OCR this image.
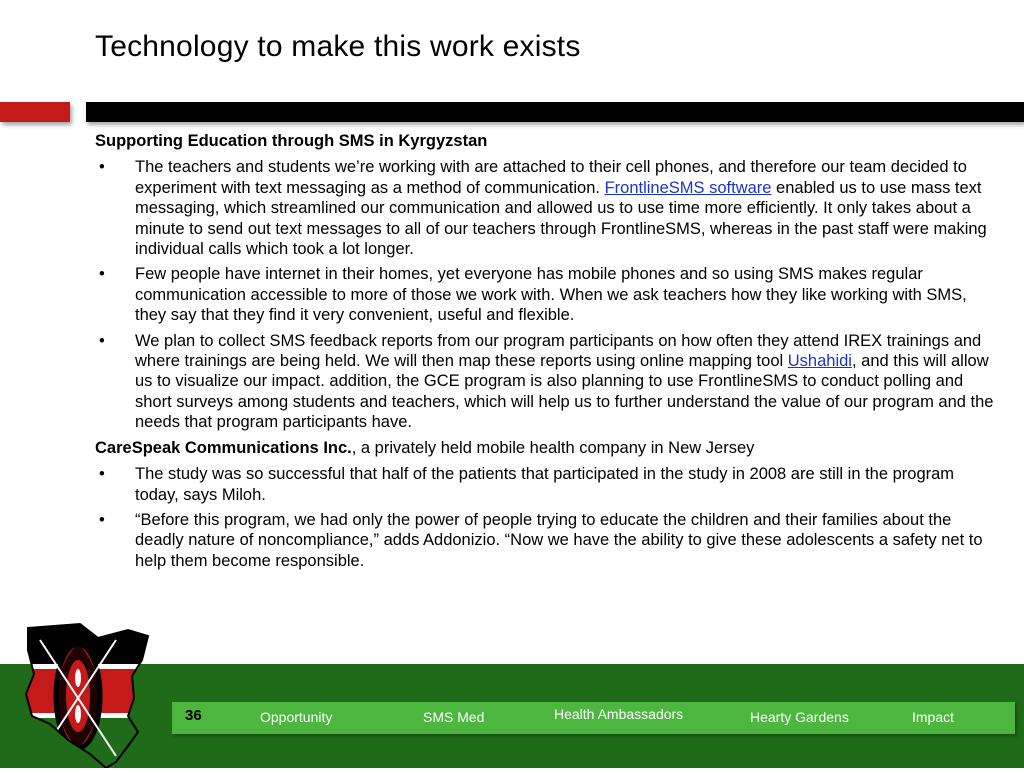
Technology to make this work exists
Supporting Education through SMS in Kyrgyzstan
• The teachers and students we’re working with are attached to their cell phones, and therefore our team decided to experiment with text messaging as a method of communication. FrontlineSMS software enabled us to use mass text messaging, which streamlined our communication and allowed us to use time more efficiently. It only takes about a minute to send out text messages to all of our teachers through FrontlineSMS, whereas in the past staff were making individual calls which took a lot longer.
• Few people have internet in their homes, yet everyone has mobile phones and so using SMS makes regular communication accessible to more of those we work with. When we ask teachers how they like working with SMS, they say that they find it very convenient, useful and flexible.
• We plan to collect SMS feedback reports from our program participants on how often they attend IREX trainings and where trainings are being held. We will then map these reports using online mapping tool Ushahidi, and this will allow us to visualize our impact. addition, the GCE program is also planning to use FrontlineSMS to conduct polling and short surveys among students and teachers, which will help us to further understand the value of our program and the needs that program participants have.
CareSpeak Communications Inc., a privately held mobile health company in New Jersey
• The study was so successful that half of the patients that participated in the study in 2008 are still in the program today, says Miloh.
• “Before this program, we had only the power of people trying to educate the children and their families about the deadly nature of noncompliance,” adds Addonizio. “Now we have the ability to give these adolescents a safety net to help them become responsible.
Opportunity	SMS Med	Health Ambassadors	Hearty Gardens	Impact
36
